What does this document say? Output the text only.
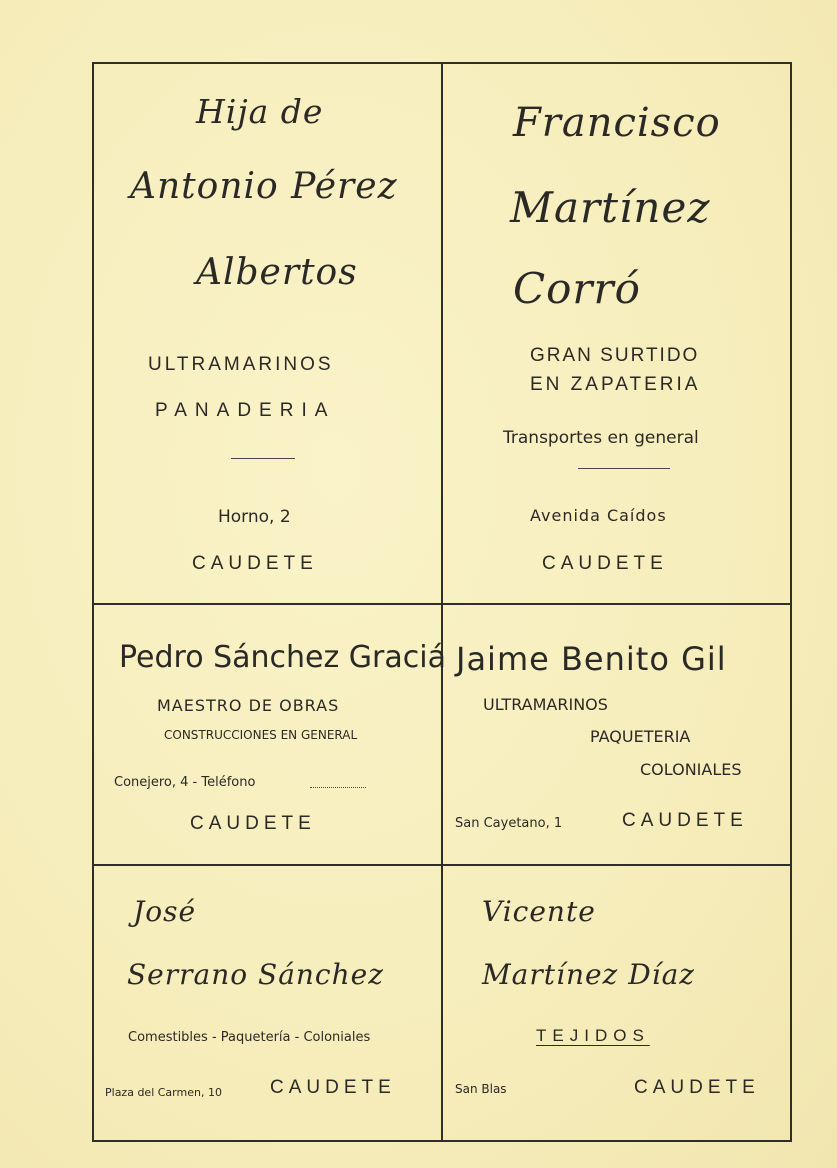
Hija de
Antonio Pérez
Albertos
ULTRAMARINOS
PANADERIA
Horno, 2
CAUDETE
Francisco
Martínez
Corró
GRAN SURTIDO
EN ZAPATERIA
Transportes en general
Avenida Caídos
CAUDETE
Pedro Sánchez Graciá
MAESTRO DE OBRAS
CONSTRUCCIONES EN GENERAL
Conejero, 4 - Teléfono
CAUDETE
Jaime Benito Gil
ULTRAMARINOS
PAQUETERIA
COLONIALES
San Cayetano, 1	CAUDETE
José
Serrano Sánchez
Comestibles - Paquetería - Coloniales
Plaza del Carmen, 10	CAUDETE
Vicente
Martínez Díaz
TEJIDOS
San Blas	CAUDETE
